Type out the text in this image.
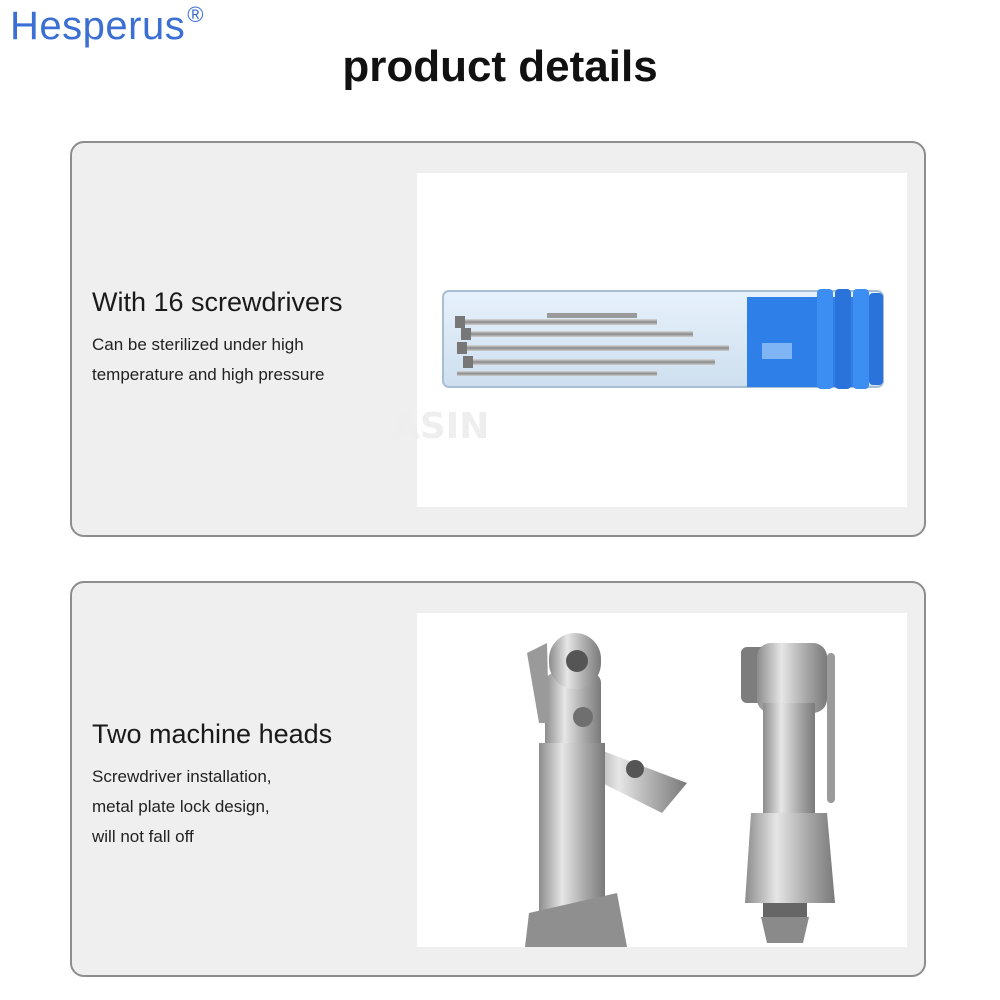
Hesperus®
product details
With 16 screwdrivers
Can be sterilized under high
temperature and high pressure
ASIN
Two machine heads
Screwdriver installation,
metal plate lock design,
will not fall off
